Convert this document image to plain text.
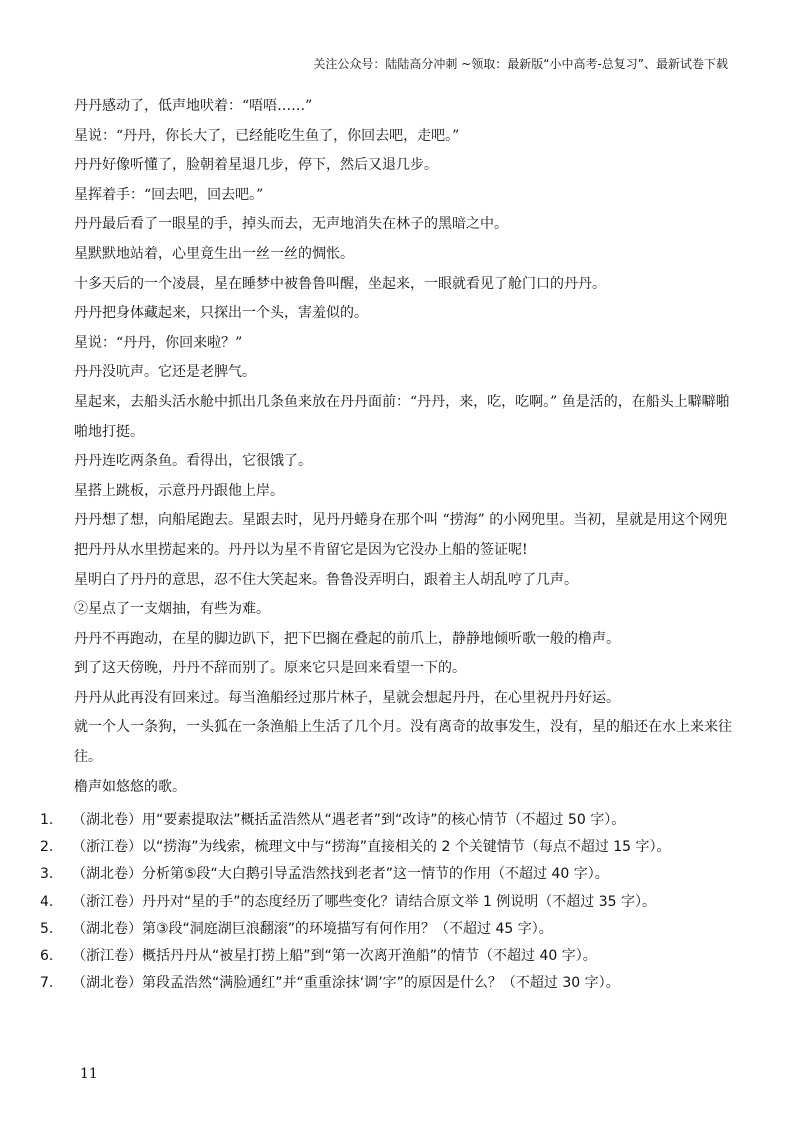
关注公众号：陆陆高分冲刺 ~领取：最新版“小中高考-总复习”、最新试卷下载

丹丹感动了，低声地吠着：“唔唔……”

星说：“丹丹，你长大了，已经能吃生鱼了，你回去吧，走吧。”

丹丹好像听懂了，脸朝着星退几步，停下，然后又退几步。

星挥着手：“回去吧，回去吧。”

丹丹最后看了一眼星的手，掉头而去，无声地消失在林子的黑暗之中。

星默默地站着，心里竟生出一丝一丝的惆怅。

十多天后的一个凌晨，星在睡梦中被鲁鲁叫醒，坐起来，一眼就看见了舱门口的丹丹。

丹丹把身体藏起来，只探出一个头，害羞似的。

星说：“丹丹，你回来啦？”

丹丹没吭声。它还是老脾气。

星起来，去船头活水舱中抓出几条鱼来放在丹丹面前：“丹丹，来，吃，吃啊。” 鱼是活的，在船头上噼噼啪啪地打挺。

丹丹连吃两条鱼。看得出，它很饿了。

星搭上跳板，示意丹丹跟他上岸。

丹丹想了想，向船尾跑去。星跟去时，见丹丹蜷身在那个叫 “捞海” 的小网兜里。当初，星就是用这个网兜把丹丹从水里捞起来的。丹丹以为星不肯留它是因为它没办上船的签证呢!

星明白了丹丹的意思，忍不住大笑起来。鲁鲁没弄明白，跟着主人胡乱哼了几声。

②星点了一支烟抽，有些为难。

丹丹不再跑动，在星的脚边趴下，把下巴搁在叠起的前爪上，静静地倾听歌一般的橹声。

到了这天傍晚，丹丹不辞而别了。原来它只是回来看望一下的。

丹丹从此再没有回来过。每当渔船经过那片林子，星就会想起丹丹，在心里祝丹丹好运。

就一个人一条狗，一头狐在一条渔船上生活了几个月。没有离奇的故事发生，没有，星的船还在水上来来往往。

橹声如悠悠的歌。

1.	（湖北卷）用“要素提取法”概括孟浩然从“遇老者”到“改诗”的核心情节（不超过 50 字）。
2.	（浙江卷）以“捞海”为线索，梳理文中与“捞海”直接相关的 2 个关键情节（每点不超过 15 字）。
3.	（湖北卷）分析第⑤段“大白鹅引导孟浩然找到老者”这一情节的作用（不超过 40 字）。
4.	（浙江卷）丹丹对“星的手”的态度经历了哪些变化？请结合原文举 1 例说明（不超过 35 字）。
5.	（湖北卷）第③段“洞庭湖巨浪翻滚”的环境描写有何作用？（不超过 45 字）。
6.	（浙江卷）概括丹丹从“被星打捞上船”到“第一次离开渔船”的情节（不超过 40 字）。
7.	（湖北卷）第段孟浩然“满脸通红”并“重重涂抹‘调’字”的原因是什么？（不超过 30 字）。
11
